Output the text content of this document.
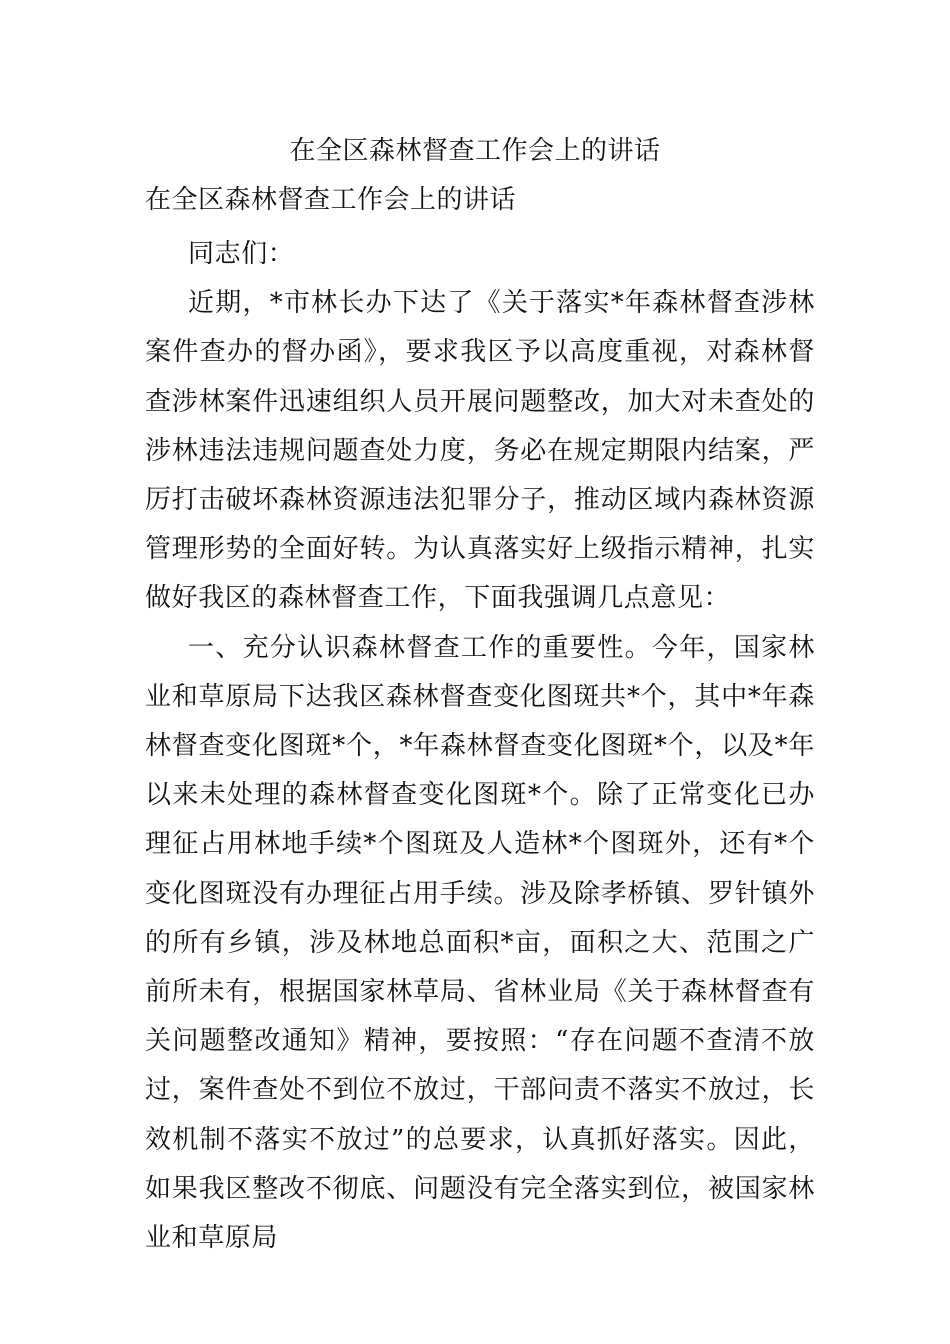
在全区森林督查工作会上的讲话
在全区森林督查工作会上的讲话

同志们：

近期，*市林长办下达了《关于落实*年森林督查涉林案件查办的督办函》，要求我区予以高度重视，对森林督查涉林案件迅速组织人员开展问题整改，加大对未查处的涉林违法违规问题查处力度，务必在规定期限内结案，严厉打击破坏森林资源违法犯罪分子，推动区域内森林资源管理形势的全面好转。为认真落实好上级指示精神，扎实做好我区的森林督查工作，下面我强调几点意见：

一、充分认识森林督查工作的重要性。今年，国家林业和草原局下达我区森林督查变化图斑共*个，其中*年森林督查变化图斑*个，*年森林督查变化图斑*个，以及*年以来未处理的森林督查变化图斑*个。除了正常变化已办理征占用林地手续*个图斑及人造林*个图斑外，还有*个变化图斑没有办理征占用手续。涉及除孝桥镇、罗针镇外的所有乡镇，涉及林地总面积*亩，面积之大、范围之广前所未有，根据国家林草局、省林业局《关于森林督查有关问题整改通知》精神，要按照：“存在问题不查清不放过，案件查处不到位不放过，干部问责不落实不放过，长效机制不落实不放过”的总要求，认真抓好落实。因此，如果我区整改不彻底、问题没有完全落实到位，被国家林业和草原局
